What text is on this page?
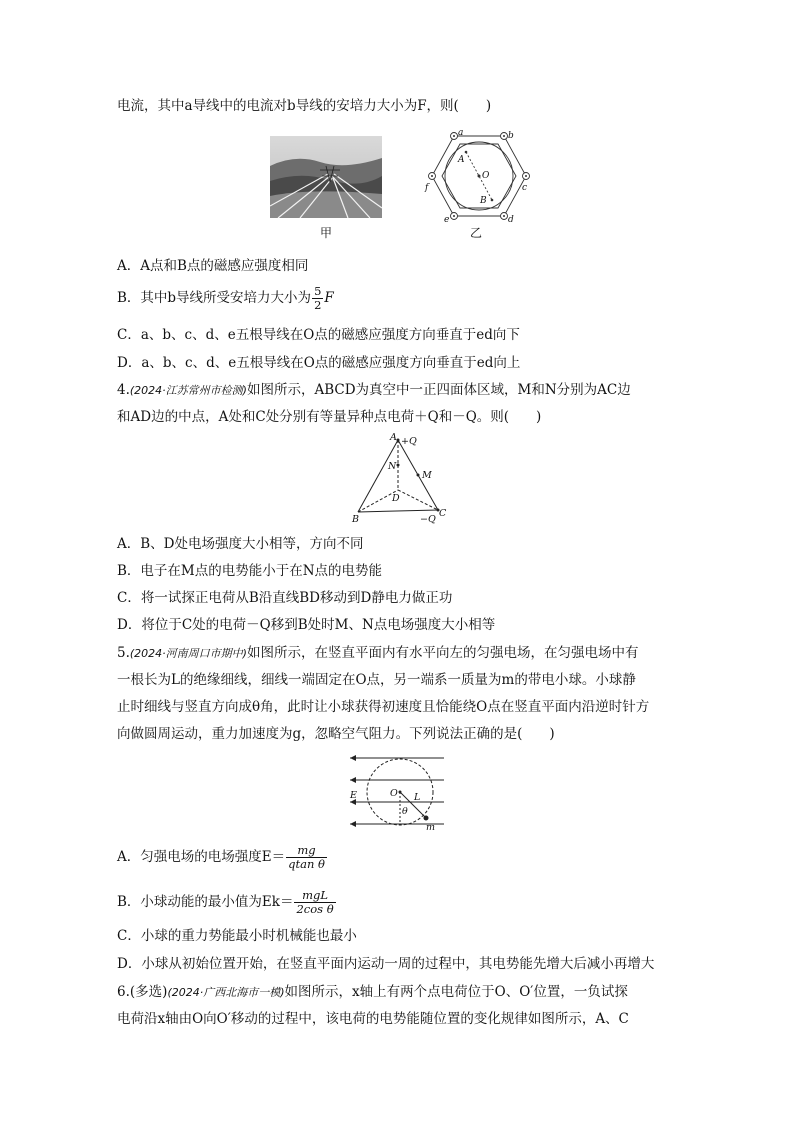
电流，其中a导线中的电流对b导线的安培力大小为F，则(　　)
甲
a	b
c
d
e
f
A
B
O
乙
A．A点和B点的磁感应强度相同
B．其中b导线所受安培力大小为 $\frac{5}{2}$ F
C．a、b、c、d、e五根导线在O点的磁感应强度方向垂直于ed向下
D．a、b、c、d、e五根导线在O点的磁感应强度方向垂直于ed向上
4.(2024·江苏常州市检测)如图所示，ABCD为真空中一正四面体区域，M和N分别为AC边
和AD边的中点，A处和C处分别有等量异种点电荷＋Q和－Q。则(　　)
A +Q
N
M
D
B
C
−Q
A．B、D处电场强度大小相等，方向不同
B．电子在M点的电势能小于在N点的电势能
C．将一试探正电荷从B沿直线BD移动到D静电力做正功
D．将位于C处的电荷－Q移到B处时M、N点电场强度大小相等
5.(2024·河南周口市期中)如图所示，在竖直平面内有水平向左的匀强电场，在匀强电场中有
一根长为L的绝缘细线，细线一端固定在O点，另一端系一质量为m的带电小球。小球静
止时细线与竖直方向成θ角，此时让小球获得初速度且恰能绕O点在竖直平面内沿逆时针方
向做圆周运动，重力加速度为g，忽略空气阻力。下列说法正确的是(　　)
E	O L
θ
m
A．匀强电场的电场强度$E= \frac{mg}{\text{qtan θ}}$
B．小球动能的最小值为$Ek= \frac{\text{mgL}}{\text{2cos θ}}$
C．小球的重力势能最小时机械能也最小
D．小球从初始位置开始，在竖直平面内运动一周的过程中，其电势能先增大后减小再增大
6.(多选)(2024·广西北海市一模)如图所示，x轴上有两个点电荷位于O、O′位置，一负试探
电荷沿x轴由O向O′移动的过程中，该电荷的电势能随位置的变化规律如图所示，A、C
